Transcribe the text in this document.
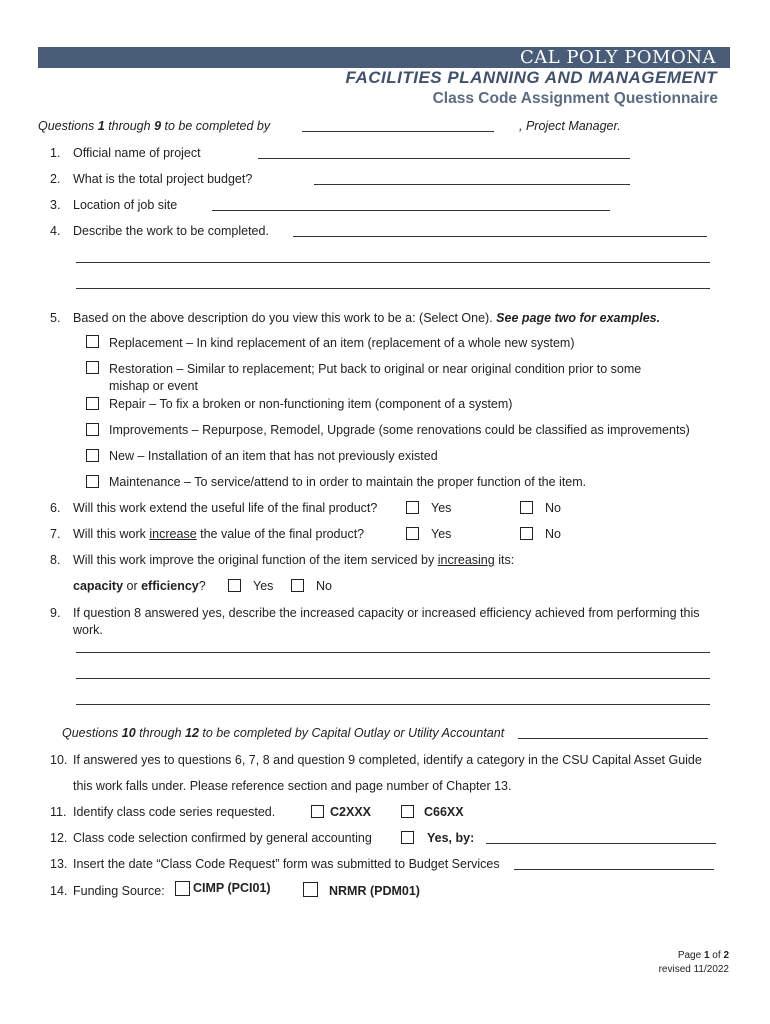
CAL POLY POMONA
FACILITIES PLANNING AND MANAGEMENT
Class Code Assignment Questionnaire
Questions 1 through 9 to be completed by	, Project Manager.
1. Official name of project
2. What is the total project budget?
3. Location of job site
4. Describe the work to be completed.
5. Based on the above description do you view this work to be a: (Select One). See page two for examples.
Replacement – In kind replacement of an item (replacement of a whole new system)
Restoration – Similar to replacement; Put back to original or near original condition prior to some
mishap or event
Repair – To fix a broken or non-functioning item (component of a system)
Improvements – Repurpose, Remodel, Upgrade (some renovations could be classified as improvements)
New – Installation of an item that has not previously existed
Maintenance – To service/attend to in order to maintain the proper function of the item.
6. Will this work extend the useful life of the final product?	Yes	No
7. Will this work increase the value of the final product?	Yes	No
8. Will this work improve the original function of the item serviced by increasing its:
capacity or efficiency?	Yes	No
9. If question 8 answered yes, describe the increased capacity or increased efficiency achieved from performing this
work.
Questions 10 through 12 to be completed by Capital Outlay or Utility Accountant
10. If answered yes to questions 6, 7, 8 and question 9 completed, identify a category in the CSU Capital Asset Guide
this work falls under. Please reference section and page number of Chapter 13.
11. Identify class code series requested.	C2XXX	C66XX
12. Class code selection confirmed by general accounting	Yes, by:
13. Insert the date “Class Code Request” form was submitted to Budget Services
14. Funding Source: CIMP (PCI01)	NRMR (PDM01)
Page 1 of 2
revised 11/2022
